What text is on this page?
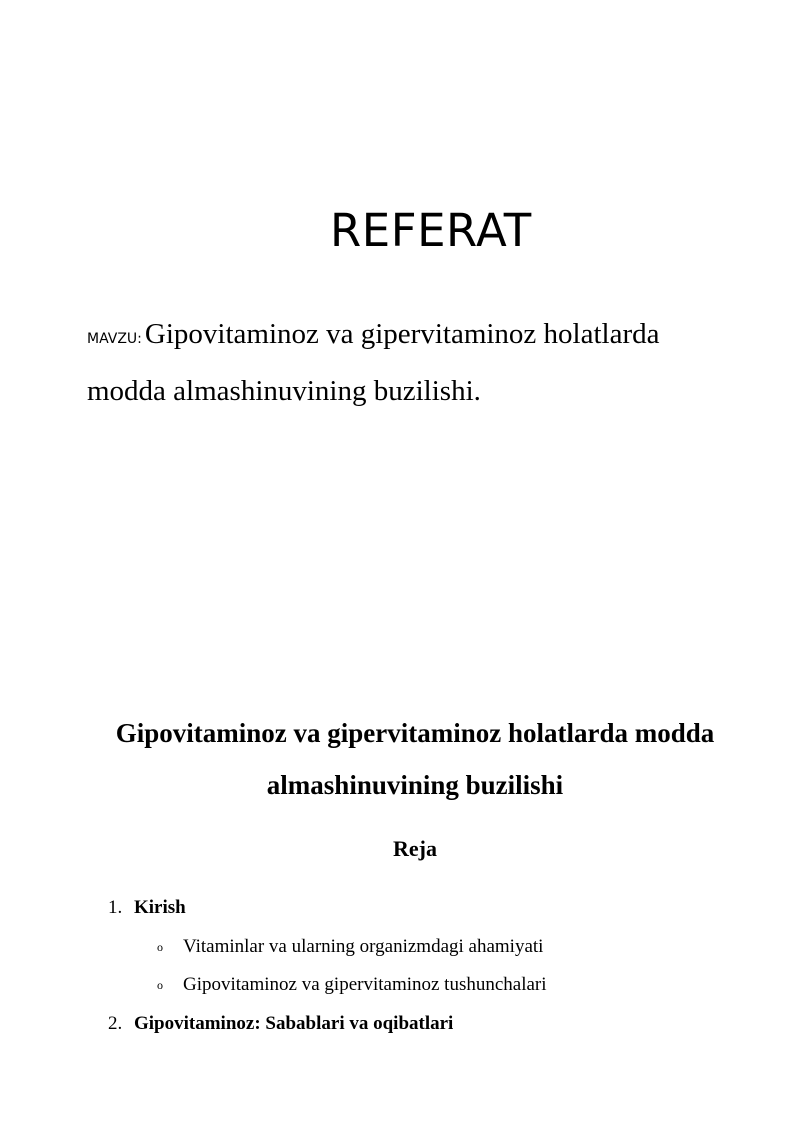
REFERAT
MAVZU: Gipovitaminoz va gipervitaminoz holatlarda
modda almashinuvining buzilishi.
Gipovitaminoz va gipervitaminoz holatlarda modda
almashinuvining buzilishi
Reja
1. Kirish
o Vitaminlar va ularning organizmdagi ahamiyati
o Gipovitaminoz va gipervitaminoz tushunchalari
2. Gipovitaminoz: Sabablari va oqibatlari
